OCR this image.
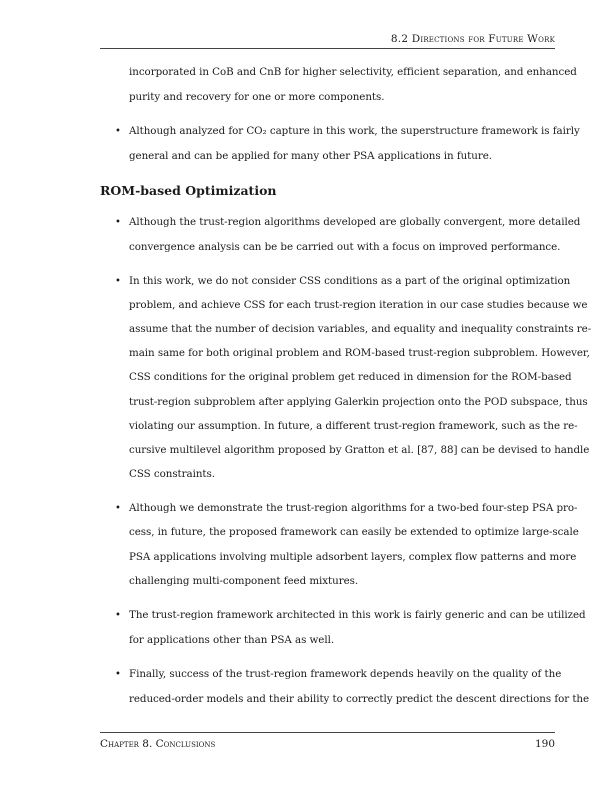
8.2 Directions for Future Work
incorporated in CoB and CnB for higher selectivity, efficient separation, and enhanced
purity and recovery for one or more components.
• Although analyzed for CO₂ capture in this work, the superstructure framework is fairly
general and can be applied for many other PSA applications in future.
ROM-based Optimization
• Although the trust-region algorithms developed are globally convergent, more detailed
convergence analysis can be be carried out with a focus on improved performance.
• In this work, we do not consider CSS conditions as a part of the original optimization
problem, and achieve CSS for each trust-region iteration in our case studies because we
assume that the number of decision variables, and equality and inequality constraints re-
main same for both original problem and ROM-based trust-region subproblem. However,
CSS conditions for the original problem get reduced in dimension for the ROM-based
trust-region subproblem after applying Galerkin projection onto the POD subspace, thus
violating our assumption. In future, a different trust-region framework, such as the re-
cursive multilevel algorithm proposed by Gratton et al. [87, 88] can be devised to handle
CSS constraints.
• Although we demonstrate the trust-region algorithms for a two-bed four-step PSA pro-
cess, in future, the proposed framework can easily be extended to optimize large-scale
PSA applications involving multiple adsorbent layers, complex flow patterns and more
challenging multi-component feed mixtures.
• The trust-region framework architected in this work is fairly generic and can be utilized
for applications other than PSA as well.
• Finally, success of the trust-region framework depends heavily on the quality of the
reduced-order models and their ability to correctly predict the descent directions for the
Chapter 8. Conclusions	190
